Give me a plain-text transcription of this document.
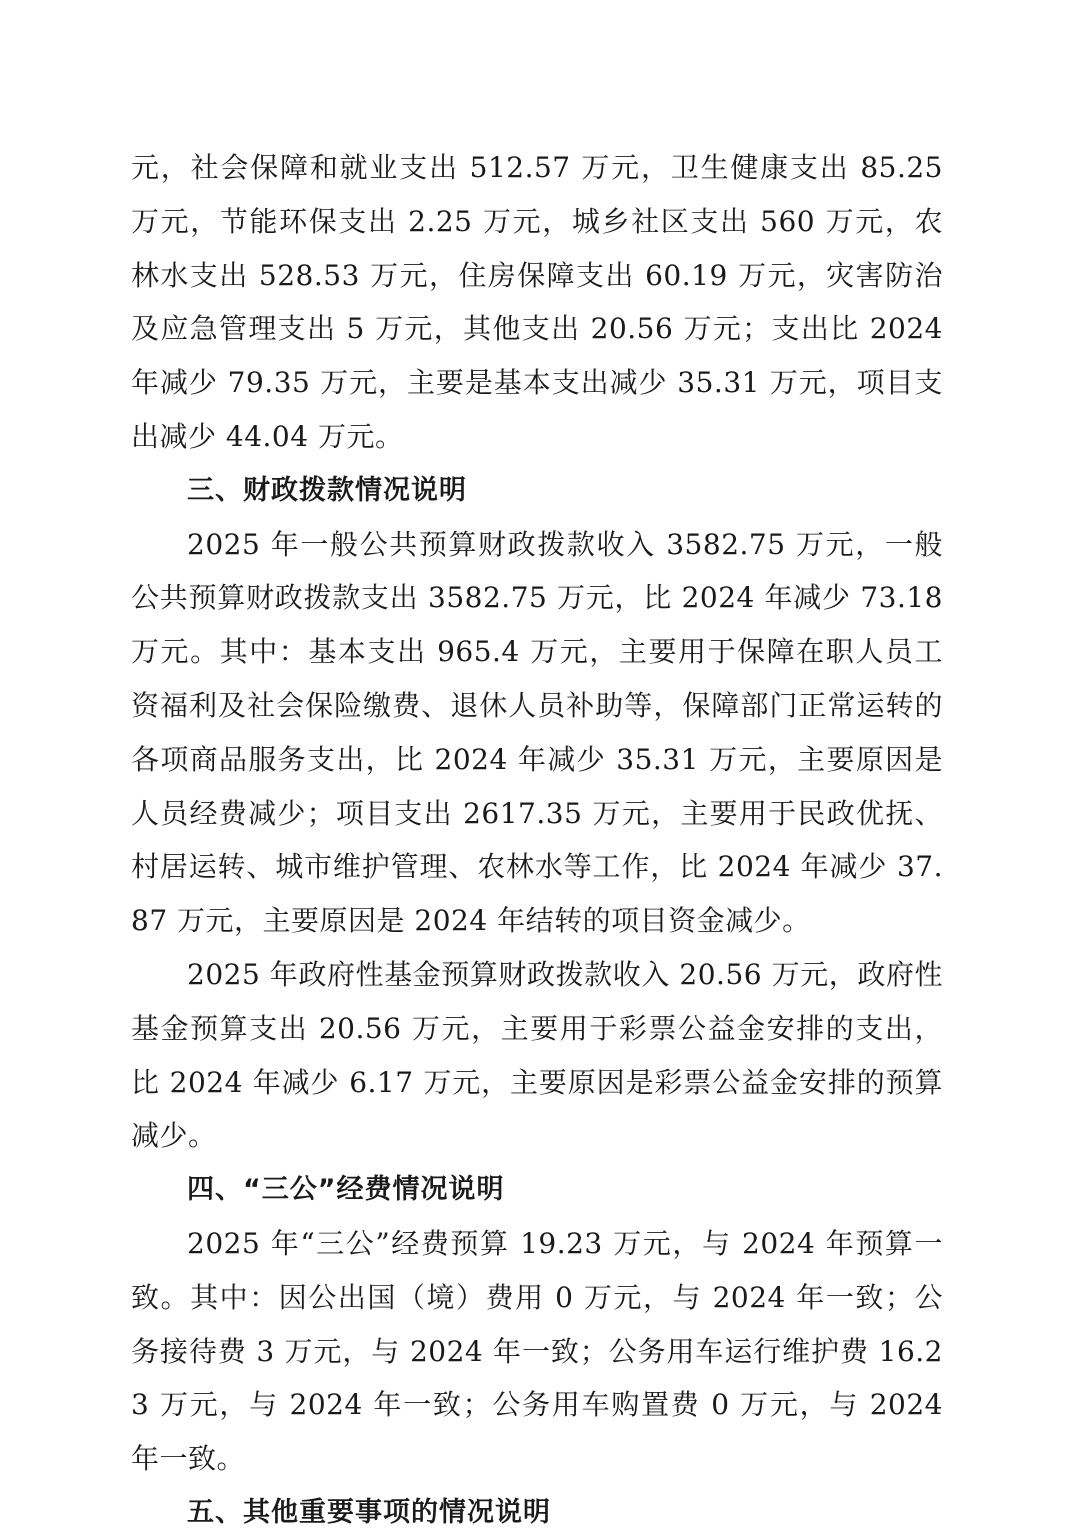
元，社会保障和就业支出 512.57 万元，卫生健康支出 85.25 万元，节能环保支出 2.25 万元，城乡社区支出 560 万元，农林水支出 528.53 万元，住房保障支出 60.19 万元，灾害防治及应急管理支出 5 万元，其他支出 20.56 万元；支出比 2024 年减少 79.35 万元，主要是基本支出减少 35.31 万元，项目支出减少 44.04 万元。

三、财政拨款情况说明

2025 年一般公共预算财政拨款收入 3582.75 万元，一般公共预算财政拨款支出 3582.75 万元，比 2024 年减少 73.18 万元。其中：基本支出 965.4 万元，主要用于保障在职人员工资福利及社会保险缴费、退休人员补助等，保障部门正常运转的各项商品服务支出，比 2024 年减少 35.31 万元，主要原因是人员经费减少；项目支出 2617.35 万元，主要用于民政优抚、村居运转、城市维护管理、农林水等工作，比 2024 年减少 37.87 万元，主要原因是 2024 年结转的项目资金减少。

2025 年政府性基金预算财政拨款收入 20.56 万元，政府性基金预算支出 20.56 万元，主要用于彩票公益金安排的支出，比 2024 年减少 6.17 万元，主要原因是彩票公益金安排的预算减少。

四、“三公”经费情况说明

2025 年“三公”经费预算 19.23 万元，与 2024 年预算一致。其中：因公出国（境）费用 0 万元，与 2024 年一致；公务接待费 3 万元，与 2024 年一致；公务用车运行维护费 16.23 万元，与 2024 年一致；公务用车购置费 0 万元，与 2024 年一致。

五、其他重要事项的情况说明
